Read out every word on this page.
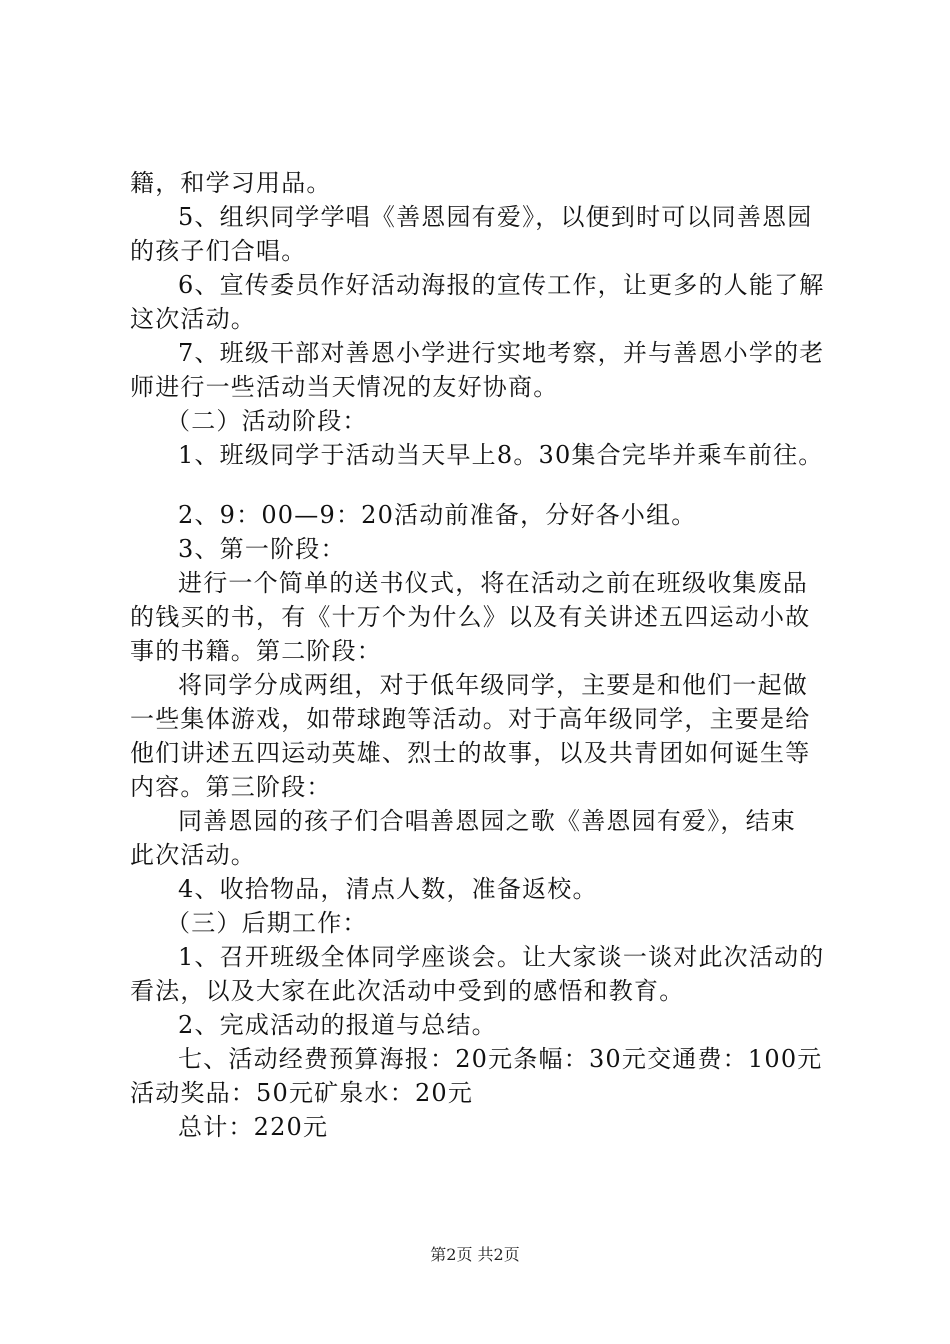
籍，和学习用品。
5、组织同学学唱《善恩园有爱》，以便到时可以同善恩园
的孩子们合唱。
6、宣传委员作好活动海报的宣传工作，让更多的人能了解
这次活动。
7、班级干部对善恩小学进行实地考察，并与善恩小学的老
师进行一些活动当天情况的友好协商。
（二）活动阶段：
1、班级同学于活动当天早上8。30集合完毕并乘车前往。
2、9：00—9：20活动前准备，分好各小组。
3、第一阶段：
进行一个简单的送书仪式，将在活动之前在班级收集废品
的钱买的书，有《十万个为什么》以及有关讲述五四运动小故
事的书籍。第二阶段：
将同学分成两组，对于低年级同学，主要是和他们一起做
一些集体游戏，如带球跑等活动。对于高年级同学，主要是给
他们讲述五四运动英雄、烈士的故事，以及共青团如何诞生等
内容。第三阶段：
同善恩园的孩子们合唱善恩园之歌《善恩园有爱》，结束
此次活动。
4、收拾物品，清点人数，准备返校。
（三）后期工作：
1、召开班级全体同学座谈会。让大家谈一谈对此次活动的
看法，以及大家在此次活动中受到的感悟和教育。
2、完成活动的报道与总结。
七、活动经费预算海报：20元条幅：30元交通费：100元
活动奖品：50元矿泉水：20元
总计：220元
第2页 共2页
